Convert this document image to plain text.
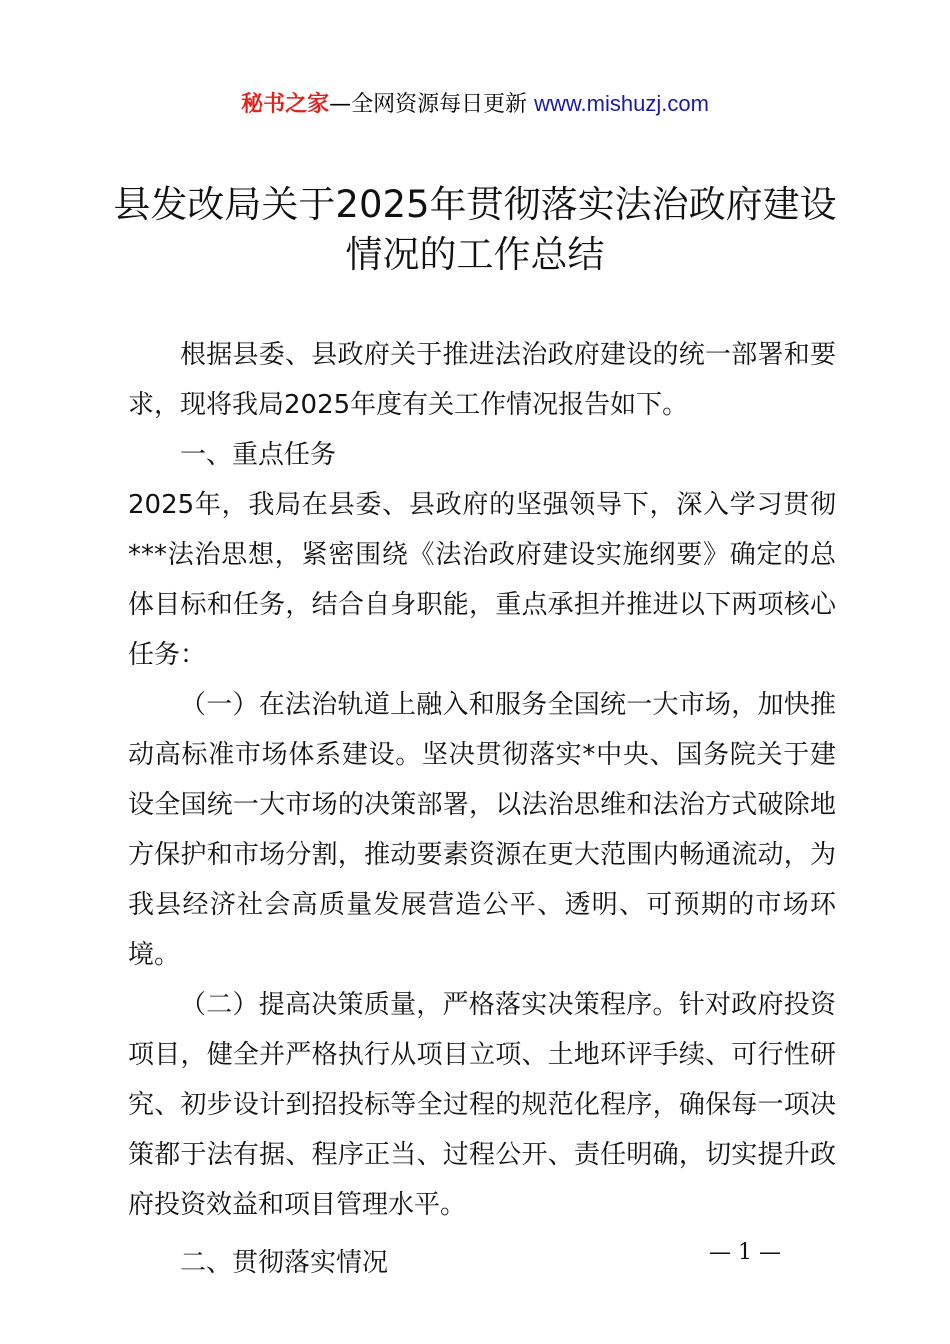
秘书之家—全网资源每日更新 www.mishuzj.com
县发改局关于2025年贯彻落实法治政府建设
情况的工作总结

根据县委、县政府关于推进法治政府建设的统一部署和要求，现将我局2025年度有关工作情况报告如下。

一、重点任务

2025年，我局在县委、县政府的坚强领导下，深入学习贯彻***法治思想，紧密围绕《法治政府建设实施纲要》确定的总体目标和任务，结合自身职能，重点承担并推进以下两项核心任务：

（一）在法治轨道上融入和服务全国统一大市场，加快推动高标准市场体系建设。坚决贯彻落实*中央、国务院关于建设全国统一大市场的决策部署，以法治思维和法治方式破除地方保护和市场分割，推动要素资源在更大范围内畅通流动，为我县经济社会高质量发展营造公平、透明、可预期的市场环境。

（二）提高决策质量，严格落实决策程序。针对政府投资项目，健全并严格执行从项目立项、土地环评手续、可行性研究、初步设计到招投标等全过程的规范化程序，确保每一项决策都于法有据、程序正当、过程公开、责任明确，切实提升政府投资效益和项目管理水平。

二、贯彻落实情况	— 1 —
